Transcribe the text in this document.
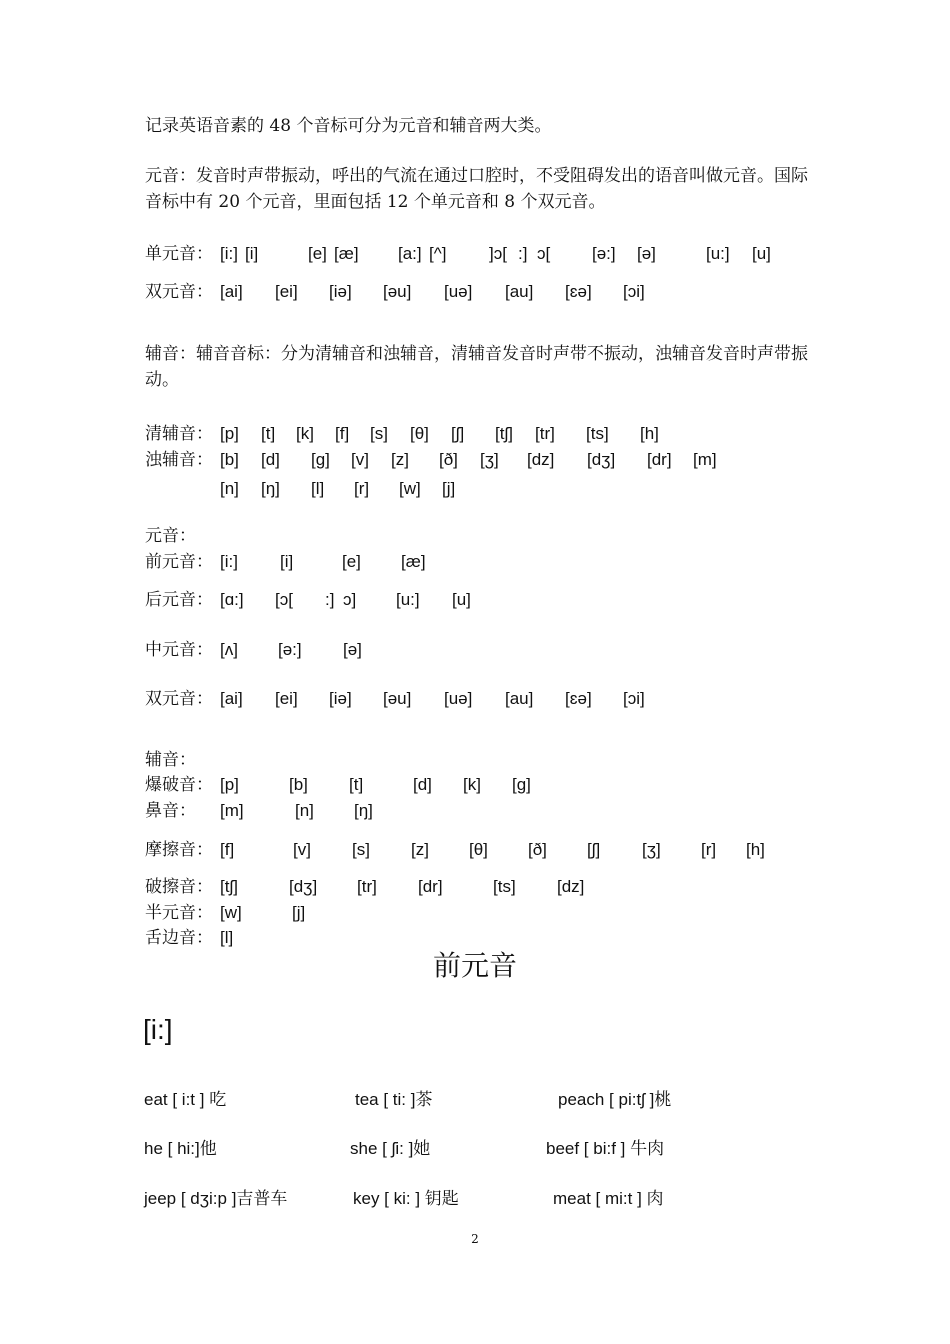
记录英语音素的 48 个音标可分为元音和辅音两大类。
元音：发音时声带振动，呼出的气流在通过口腔时，不受阻碍发出的语音叫做元音。国际音标中有 20 个元音，里面包括 12 个单元音和 8 个双元音。
单元音： [i:] [i]	[e] [æ] [a:] [^]	]ɔ[ :] ɔ[ [ə:] [ə]	[u:] [u]
双元音： [ai] [ei] [iə] [əu] [uə] [au] [ɛə] [ɔi]
辅音：辅音音标：分为清辅音和浊辅音，清辅音发音时声带不振动，浊辅音发音时声带振动。
清辅音： [p] [t] [k] [f] [s] [θ] [ʃ] [tʃ] [tr] [ts] [h]
浊辅音： [b] [d] [g] [v] [z] [ð] [ʒ] [dz] [dʒ] [dr] [m]
[n] [ŋ] [l] [r] [w] [j]
元音：
前元音： [i:] [i]	[e] [æ]
后元音： [ɑ:] [ɔ[ :] ɔ] [u:] [u]
中元音： [ʌ] [ə:] [ə]
双元音： [ai] [ei] [iə] [əu] [uə] [au] [ɛə] [ɔi]
辅音：
爆破音： [p]	[b] [t]	[d] [k] [g]
鼻音： [m]	[n] [ŋ]
摩擦音： [f]	[v] [s] [z] [θ] [ð] [ʃ] [ʒ] [r] [h]
破擦音： [tʃ]	[dʒ] [tr] [dr]	[ts] [dz]
半元音： [w]	[j]
舌边音： [l]
前元音
[i:]
eat [ i:t ] 吃	tea [ ti: ]茶	peach [ pi:tʃ ]桃
he [ hi:]他	she [ ʃi: ]她	beef [ bi:f ] 牛肉
jeep [ dʒi:p ]吉普车	key [ ki: ] 钥匙	meat [ mi:t ] 肉
2
